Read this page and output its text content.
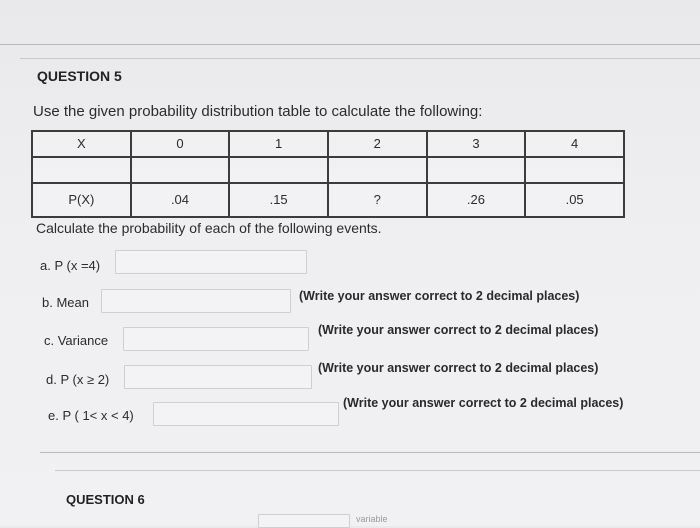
QUESTION 5
Use the given probability distribution table to calculate the following:
X	0	1	2	3	4

P(X)	.04	.15	?	.26	.05
Calculate the probability of each of the following events.
a. P (x =4)
b. Mean	(Write your answer correct to 2 decimal places)
c. Variance
(Write your answer correct to 2 decimal places)
d. P (x ≥ 2)
(Write your answer correct to 2 decimal places)
e. P ( 1< x < 4)
(Write your answer correct to 2 decimal places)
QUESTION 6
variable
